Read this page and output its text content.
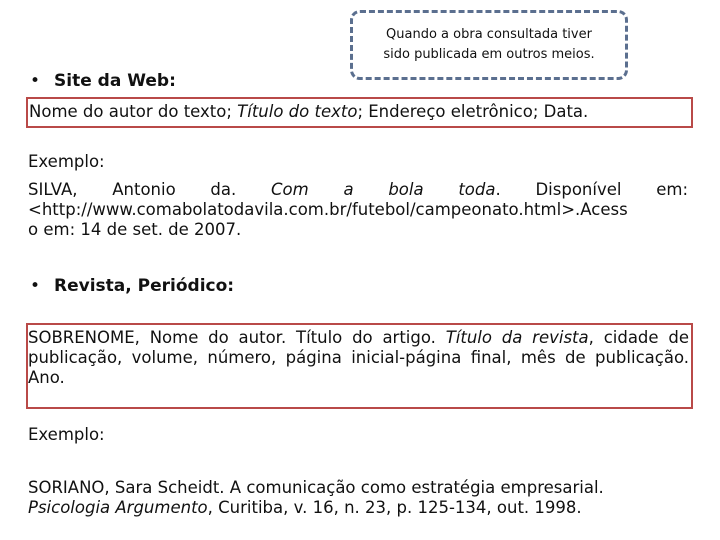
Quando a obra consultada tiver
sido publicada em outros meios.
• Site da Web:
Nome do autor do texto; Título do texto; Endereço eletrônico; Data.
Exemplo:
SILVA, Antonio da. Com a bola toda. Disponível em:
<http://www.comabolatodavila.com.br/futebol/campeonato.html>.Acess
o em: 14 de set. de 2007.
• Revista, Periódico:
SOBRENOME, Nome do autor. Título do artigo. Título da revista, cidade de publicação, volume, número, página inicial-página final, mês de publicação. Ano.
Exemplo:
SORIANO, Sara Scheidt. A comunicação como estratégia empresarial.
Psicologia Argumento, Curitiba, v. 16, n. 23, p. 125-134, out. 1998.
